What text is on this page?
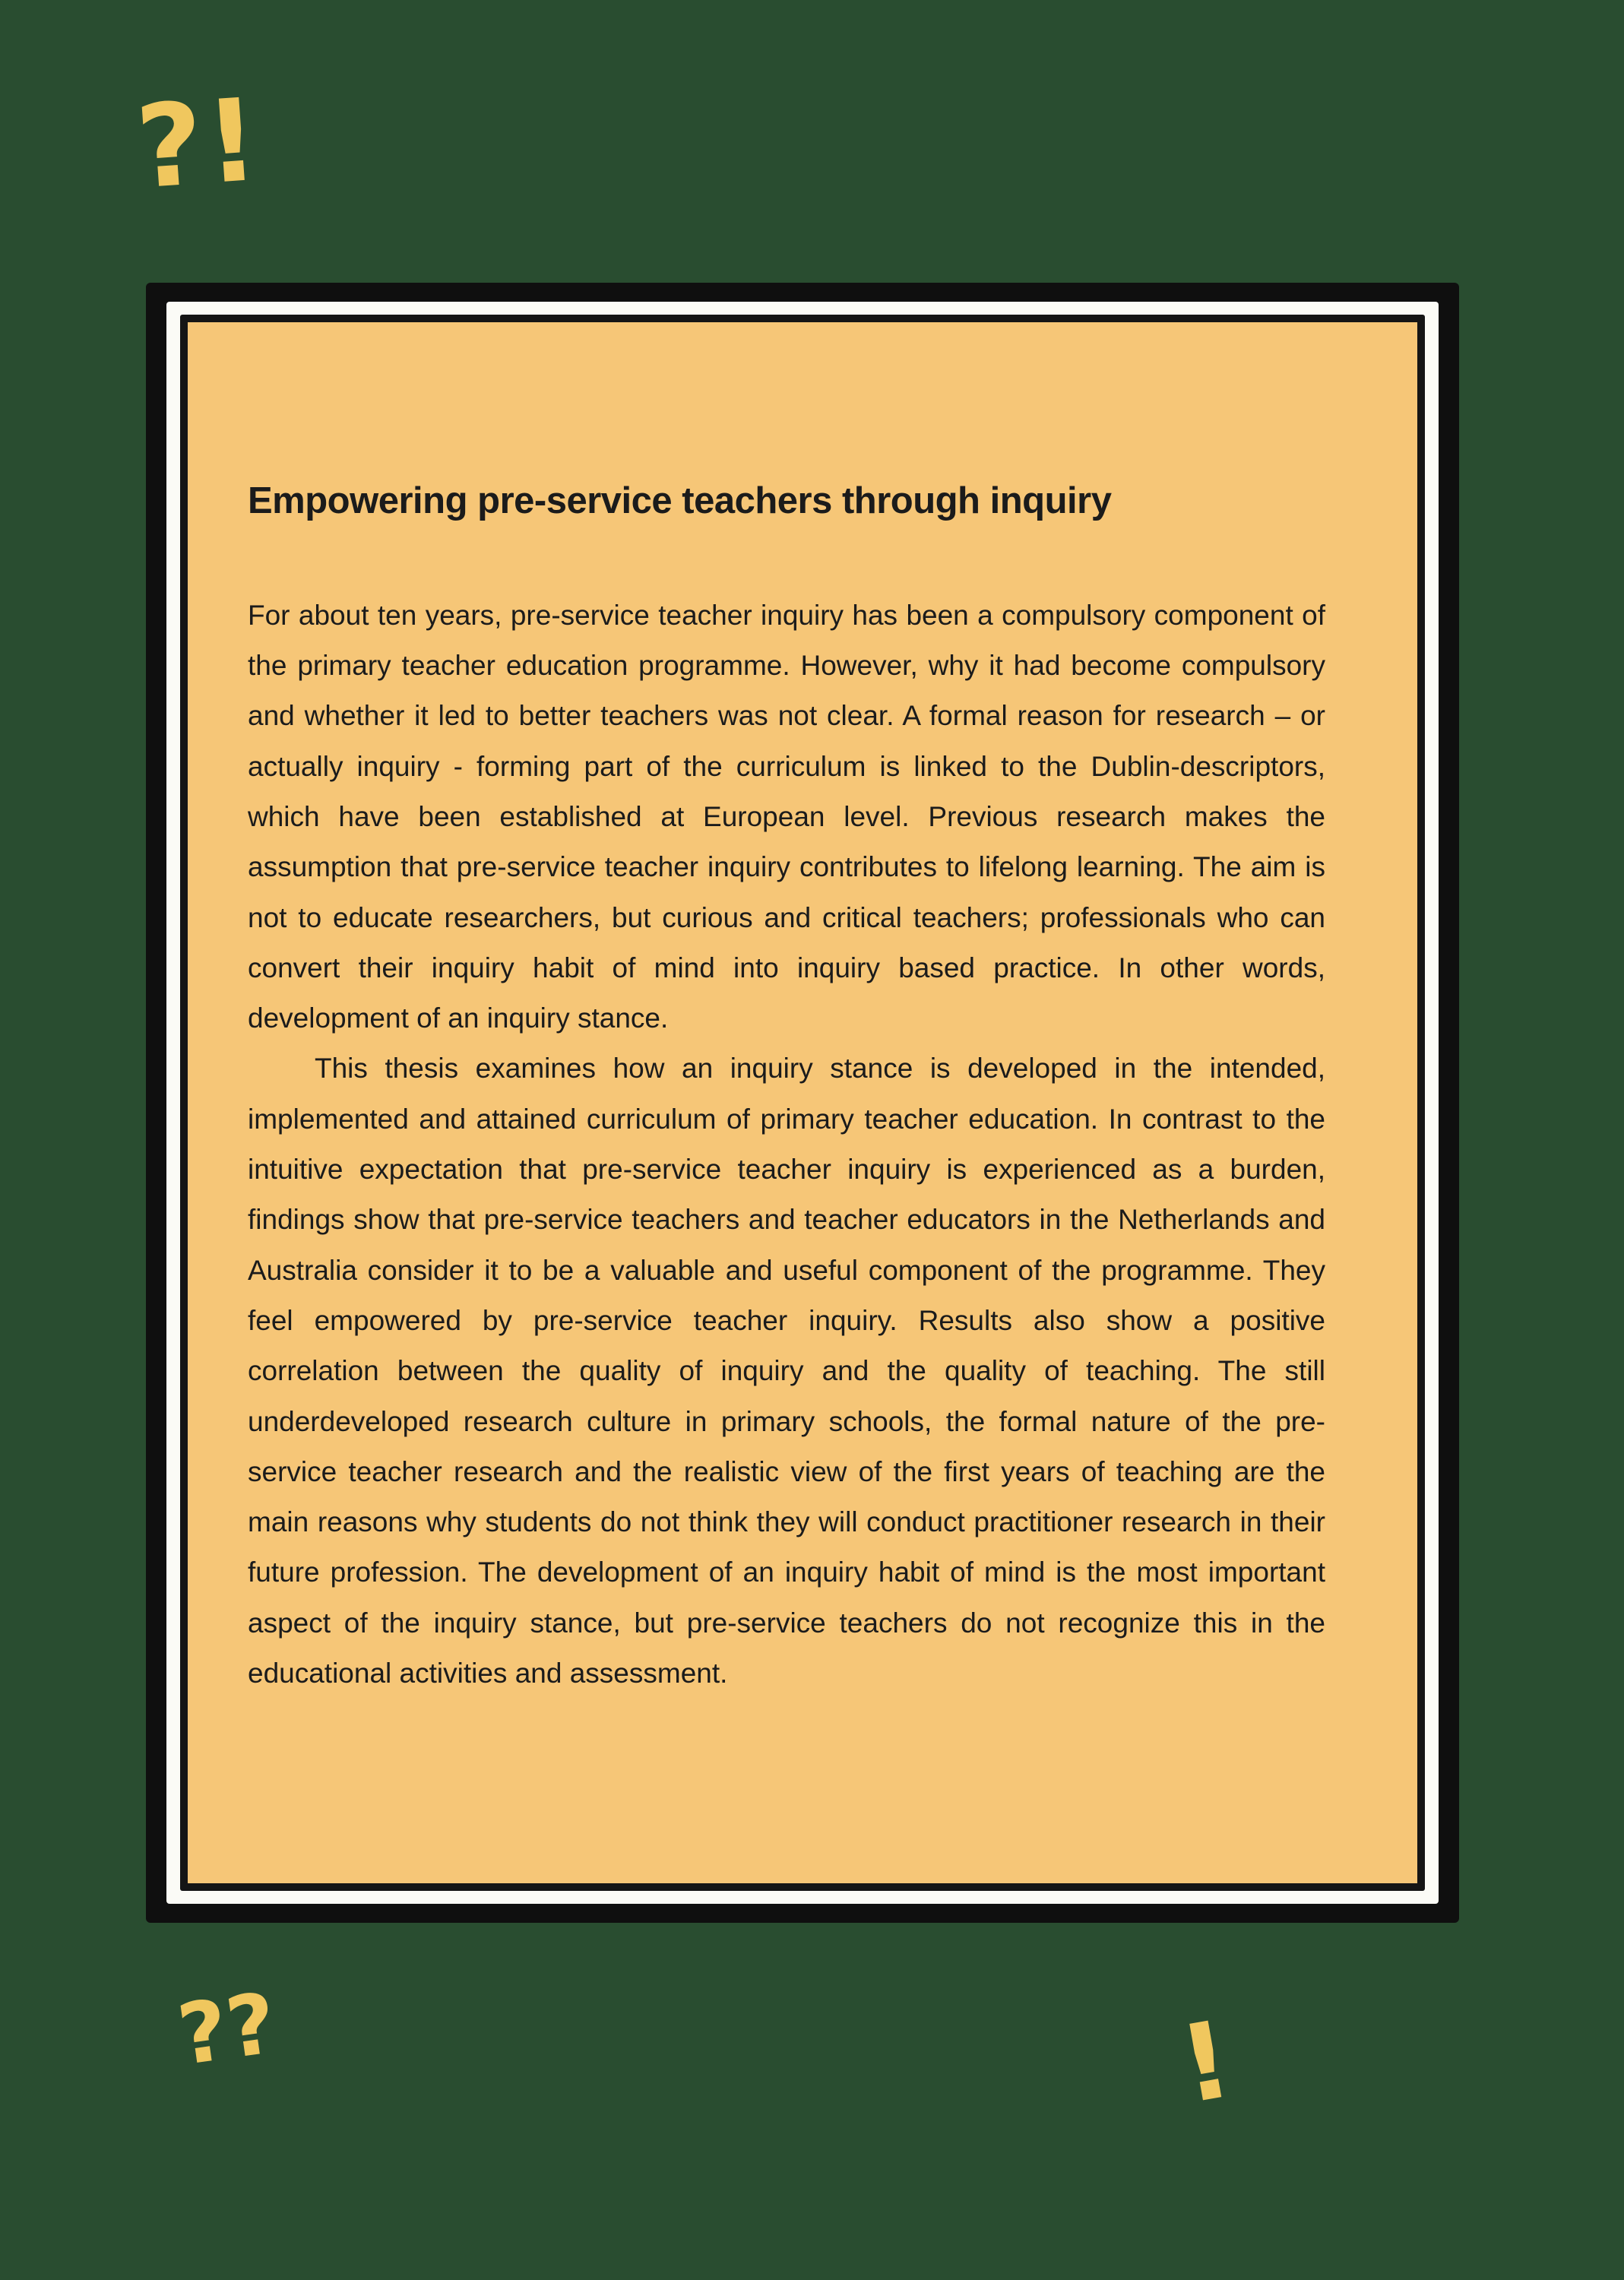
?!
Empowering pre-service teachers through inquiry

For about ten years, pre-service teacher inquiry has been a compulsory component of the primary teacher education programme. However, why it had become compulsory and whether it led to better teachers was not clear. A formal reason for research – or actually inquiry - forming part of the curriculum is linked to the Dublin-descriptors, which have been established at European level. Previous research makes the assumption that pre-service teacher inquiry contributes to lifelong learning. The aim is not to educate researchers, but curious and critical teachers; professionals who can convert their inquiry habit of mind into inquiry based practice. In other words, development of an inquiry stance.

This thesis examines how an inquiry stance is developed in the intended, implemented and attained curriculum of primary teacher education. In contrast to the intuitive expectation that pre-service teacher inquiry is experienced as a burden, findings show that pre-service teachers and teacher educators in the Netherlands and Australia consider it to be a valuable and useful component of the programme. They feel empowered by pre-service teacher inquiry. Results also show a positive correlation between the quality of inquiry and the quality of teaching. The still underdeveloped research culture in primary schools, the formal nature of the pre-service teacher research and the realistic view of the first years of teaching are the main reasons why students do not think they will conduct practitioner research in their future profession. The development of an inquiry habit of mind is the most important aspect of the inquiry stance, but pre-service teachers do not recognize this in the educational activities and assessment.

??	!
